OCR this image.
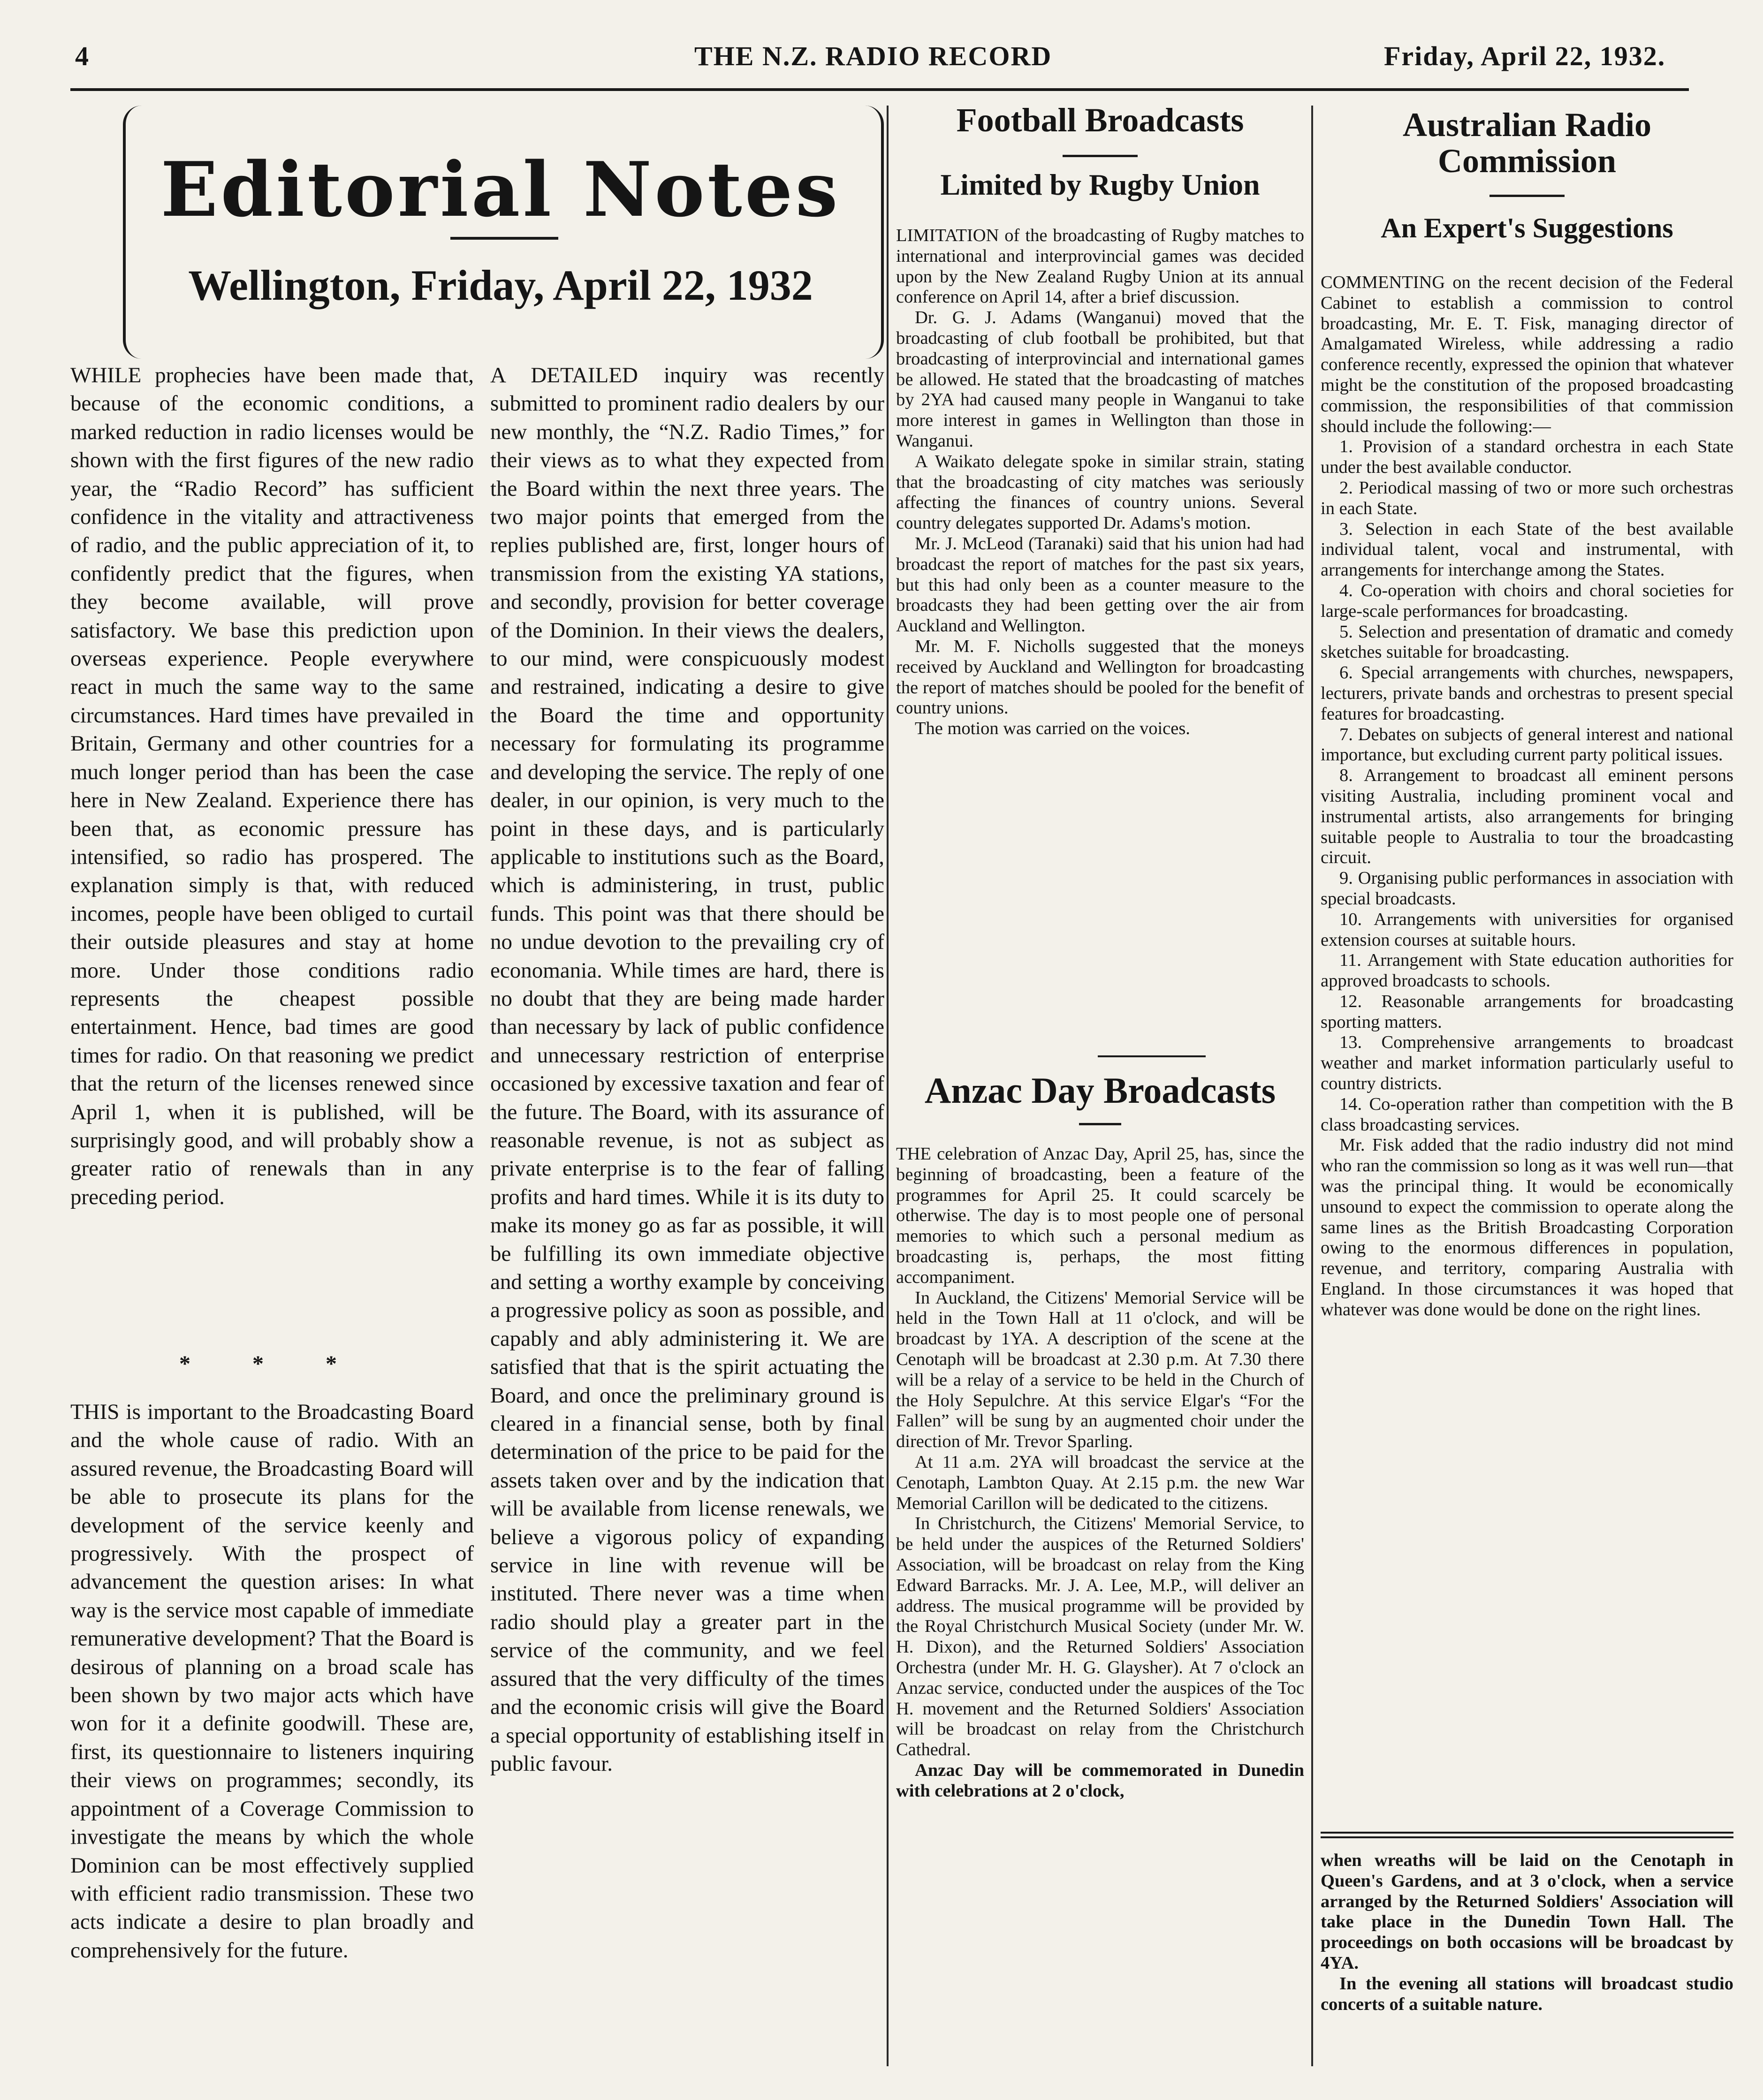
4	THE N.Z. RADIO RECORD	Friday, April 22, 1932.
Editorial Notes
Wellington, Friday, April 22, 1932

WHILE prophecies have been made that, because of the economic conditions, a marked reduction in radio licenses would be shown with the first figures of the new radio year, the “Radio Record” has sufficient confidence in the vitality and attractiveness of radio, and the public appreciation of it, to confidently predict that the figures, when they become available, will prove satisfactory. We base this prediction upon overseas experience. People everywhere react in much the same way to the same circumstances. Hard times have prevailed in Britain, Germany and other countries for a much longer period than has been the case here in New Zealand. Experience there has been that, as economic pressure has intensified, so radio has prospered. The explanation simply is that, with reduced incomes, people have been obliged to curtail their outside pleasures and stay at home more. Under those conditions radio represents the cheapest possible entertainment. Hence, bad times are good times for radio. On that reasoning we predict that the return of the licenses renewed since April 1, when it is published, will be surprisingly good, and will probably show a greater ratio of renewals than in any preceding period.

* * *

THIS is important to the Broadcasting Board and the whole cause of radio. With an assured revenue, the Broadcasting Board will be able to prosecute its plans for the development of the service keenly and progressively. With the prospect of advancement the question arises: In what way is the service most capable of immediate remunerative development? That the Board is desirous of planning on a broad scale has been shown by two major acts which have won for it a definite goodwill. These are, first, its questionnaire to listeners inquiring their views on programmes; secondly, its appointment of a Coverage Commission to investigate the means by which the whole Dominion can be most effectively supplied with efficient radio transmission. These two acts indicate a desire to plan broadly and comprehensively for the future.

A DETAILED inquiry was recently submitted to prominent radio dealers by our new monthly, the “N.Z. Radio Times,” for their views as to what they expected from the Board within the next three years. The two major points that emerged from the replies published are, first, longer hours of transmission from the existing YA stations, and secondly, provision for better coverage of the Dominion. In their views the dealers, to our mind, were conspicuously modest and restrained, indicating a desire to give the Board the time and opportunity necessary for formulating its programme and developing the service. The reply of one dealer, in our opinion, is very much to the point in these days, and is particularly applicable to institutions such as the Board, which is administering, in trust, public funds. This point was that there should be no undue devotion to the prevailing cry of economania. While times are hard, there is no doubt that they are being made harder than necessary by lack of public confidence and unnecessary restriction of enterprise occasioned by excessive taxation and fear of the future. The Board, with its assurance of reasonable revenue, is not as subject as private enterprise is to the fear of falling profits and hard times. While it is its duty to make its money go as far as possible, it will be fulfilling its own immediate objective and setting a worthy example by conceiving a progressive policy as soon as possible, and capably and ably administering it. We are satisfied that that is the spirit actuating the Board, and once the preliminary ground is cleared in a financial sense, both by final determination of the price to be paid for the assets taken over and by the indication that will be available from license renewals, we believe a vigorous policy of expanding service in line with revenue will be instituted. There never was a time when radio should play a greater part in the service of the community, and we feel assured that the very difficulty of the times and the economic crisis will give the Board a special opportunity of establishing itself in public favour.

Football Broadcasts
Limited by Rugby Union

LIMITATION of the broadcasting of Rugby matches to international and interprovincial games was decided upon by the New Zealand Rugby Union at its annual conference on April 14, after a brief discussion.

Dr. G. J. Adams (Wanganui) moved that the broadcasting of club football be prohibited, but that broadcasting of interprovincial and international games be allowed. He stated that the broadcasting of matches by 2YA had caused many people in Wanganui to take more interest in games in Wellington than those in Wanganui.

A Waikato delegate spoke in similar strain, stating that the broadcasting of city matches was seriously affecting the finances of country unions. Several country delegates supported Dr. Adams's motion.

Mr. J. McLeod (Taranaki) said that his union had had broadcast the report of matches for the past six years, but this had only been as a counter measure to the broadcasts they had been getting over the air from Auckland and Wellington.

Mr. M. F. Nicholls suggested that the moneys received by Auckland and Wellington for broadcasting the report of matches should be pooled for the benefit of country unions.

The motion was carried on the voices.

Anzac Day Broadcasts

THE celebration of Anzac Day, April 25, has, since the beginning of broadcasting, been a feature of the programmes for April 25. It could scarcely be otherwise. The day is to most people one of personal memories to which such a personal medium as broadcasting is, perhaps, the most fitting accompaniment.

In Auckland, the Citizens' Memorial Service will be held in the Town Hall at 11 o'clock, and will be broadcast by 1YA. A description of the scene at the Cenotaph will be broadcast at 2.30 p.m. At 7.30 there will be a relay of a service to be held in the Church of the Holy Sepulchre. At this service Elgar's “For the Fallen” will be sung by an augmented choir under the direction of Mr. Trevor Sparling.

At 11 a.m. 2YA will broadcast the service at the Cenotaph, Lambton Quay. At 2.15 p.m. the new War Memorial Carillon will be dedicated to the citizens.

In Christchurch, the Citizens' Memorial Service, to be held under the auspices of the Returned Soldiers' Association, will be broadcast on relay from the King Edward Barracks. Mr. J. A. Lee, M.P., will deliver an address. The musical programme will be provided by the Royal Christchurch Musical Society (under Mr. W. H. Dixon), and the Returned Soldiers' Association Orchestra (under Mr. H. G. Glaysher). At 7 o'clock an Anzac service, conducted under the auspices of the Toc H. movement and the Returned Soldiers' Association will be broadcast on relay from the Christchurch Cathedral.

Anzac Day will be commemorated in Dunedin with celebrations at 2 o'clock,

Australian Radio
Commission
An Expert's Suggestions

COMMENTING on the recent decision of the Federal Cabinet to establish a commission to control broadcasting, Mr. E. T. Fisk, managing director of Amalgamated Wireless, while addressing a radio conference recently, expressed the opinion that whatever might be the constitution of the proposed broadcasting commission, the responsibilities of that commission should include the following:—

1. Provision of a standard orchestra in each State under the best available conductor.

2. Periodical massing of two or more such orchestras in each State.

3. Selection in each State of the best available individual talent, vocal and instrumental, with arrangements for interchange among the States.

4. Co-operation with choirs and choral societies for large-scale performances for broadcasting.

5. Selection and presentation of dramatic and comedy sketches suitable for broadcasting.

6. Special arrangements with churches, newspapers, lecturers, private bands and orchestras to present special features for broadcasting.

7. Debates on subjects of general interest and national importance, but excluding current party political issues.

8. Arrangement to broadcast all eminent persons visiting Australia, including prominent vocal and instrumental artists, also arrangements for bringing suitable people to Australia to tour the broadcasting circuit.

9. Organising public performances in association with special broadcasts.

10. Arrangements with universities for organised extension courses at suitable hours.

11. Arrangement with State education authorities for approved broadcasts to schools.

12. Reasonable arrangements for broadcasting sporting matters.

13. Comprehensive arrangements to broadcast weather and market information particularly useful to country districts.

14. Co-operation rather than competition with the B class broadcasting services.

Mr. Fisk added that the radio industry did not mind who ran the commission so long as it was well run—that was the principal thing. It would be economically unsound to expect the commission to operate along the same lines as the British Broadcasting Corporation owing to the enormous differences in population, revenue, and territory, comparing Australia with England. In those circumstances it was hoped that whatever was done would be done on the right lines.

when wreaths will be laid on the Cenotaph in Queen's Gardens, and at 3 o'clock, when a service arranged by the Returned Soldiers' Association will take place in the Dunedin Town Hall. The proceedings on both occasions will be broadcast by 4YA.

In the evening all stations will broadcast studio concerts of a suitable nature.
